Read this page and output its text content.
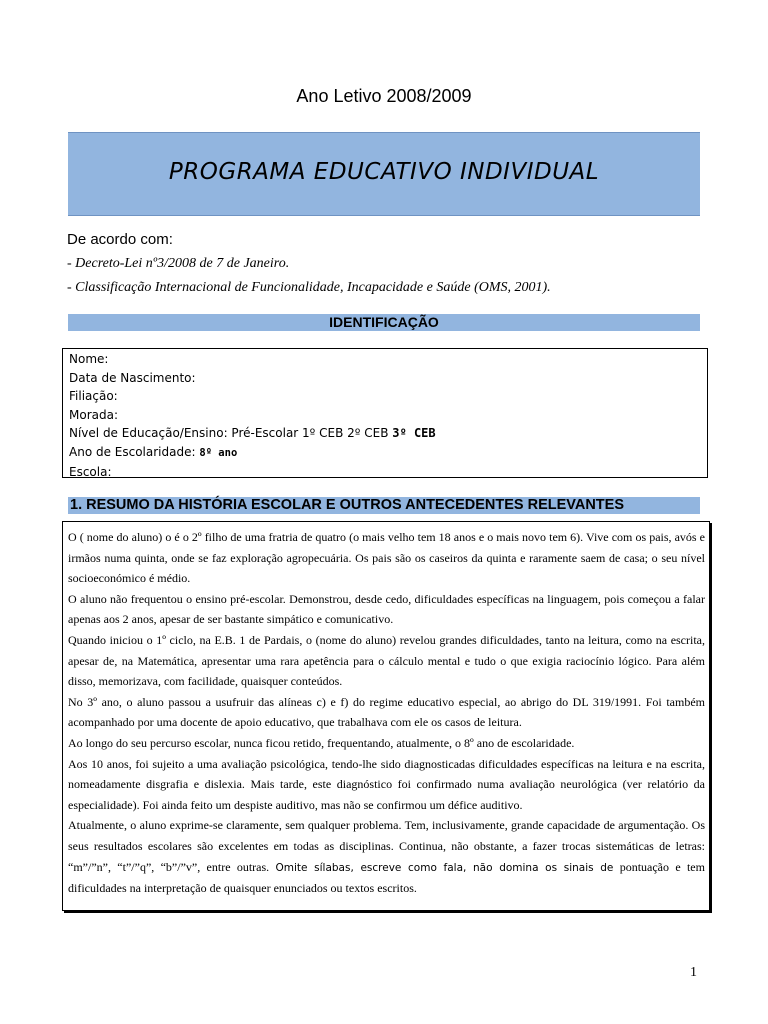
Ano Letivo 2008/2009
PROGRAMA EDUCATIVO INDIVIDUAL
De acordo com:
- Decreto-Lei nº3/2008 de 7 de Janeiro.
- Classificação Internacional de Funcionalidade, Incapacidade e Saúde (OMS, 2001).
IDENTIFICAÇÃO
Nome:
Data de Nascimento:
Filiação:
Morada:
Nível de Educação/Ensino: Pré-Escolar 1º CEB 2º CEB 3º CEB
Ano de Escolaridade: 8º ano
Escola:
1. RESUMO DA HISTÓRIA ESCOLAR E OUTROS ANTECEDENTES RELEVANTES

O ( nome do aluno) o é o 2º filho de uma fratria de quatro (o mais velho tem 18 anos e o mais novo tem 6). Vive com os pais, avós e irmãos numa quinta, onde se faz exploração agropecuária. Os pais são os caseiros da quinta e raramente saem de casa; o seu nível socioeconómico é médio.

O aluno não frequentou o ensino pré-escolar. Demonstrou, desde cedo, dificuldades específicas na linguagem, pois começou a falar apenas aos 2 anos, apesar de ser bastante simpático e comunicativo.

Quando iniciou o 1º ciclo, na E.B. 1 de Pardais, o (nome do aluno) revelou grandes dificuldades, tanto na leitura, como na escrita, apesar de, na Matemática, apresentar uma rara apetência para o cálculo mental e tudo o que exigia raciocínio lógico. Para além disso, memorizava, com facilidade, quaisquer conteúdos.

No 3º ano, o aluno passou a usufruir das alíneas c) e f) do regime educativo especial, ao abrigo do DL 319/1991. Foi também acompanhado por uma docente de apoio educativo, que trabalhava com ele os casos de leitura.

Ao longo do seu percurso escolar, nunca ficou retido, frequentando, atualmente, o 8º ano de escolaridade.

Aos 10 anos, foi sujeito a uma avaliação psicológica, tendo-lhe sido diagnosticadas dificuldades específicas na leitura e na escrita, nomeadamente disgrafia e dislexia. Mais tarde, este diagnóstico foi confirmado numa avaliação neurológica (ver relatório da especialidade). Foi ainda feito um despiste auditivo, mas não se confirmou um défice auditivo.

Atualmente, o aluno exprime-se claramente, sem qualquer problema. Tem, inclusivamente, grande capacidade de argumentação. Os seus resultados escolares são excelentes em todas as disciplinas. Continua, não obstante, a fazer trocas sistemáticas de letras: “m”/”n”, “t”/”q”, “b”/”v”, entre outras. Omite sílabas, escreve como fala, não domina os sinais de pontuação e tem dificuldades na interpretação de quaisquer enunciados ou textos escritos.

1
